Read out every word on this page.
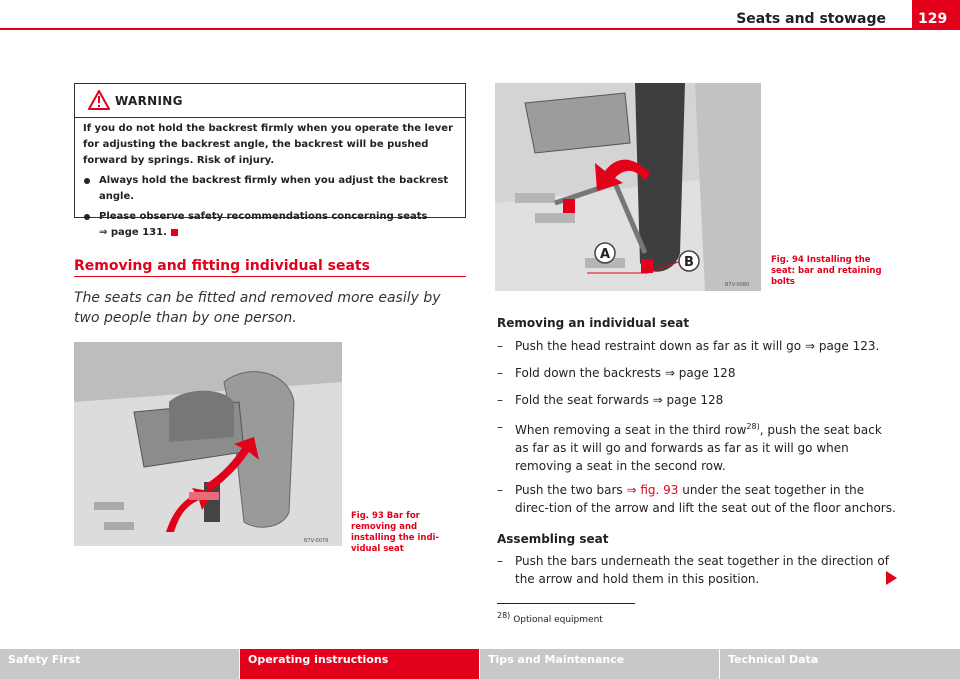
Seats and stowage 129
WARNING

If you do not hold the backrest firmly when you operate the lever for adjusting the backrest angle, the backrest will be pushed forward by springs. Risk of injury.

Always hold the backrest firmly when you adjust the backrest angle.
Please observe safety recommendations concerning seats
⇒ page 131.
Removing and fitting individual seats
The seats can be fitted and removed more easily by two people than by one person.
B7V-0079
Fig. 93 Bar for removing and installing the indi-vidual seat
A
B
B7V-0080
Fig. 94 Installing the seat: bar and retaining bolts
Removing an individual seat
–	Push the head restraint down as far as it will go ⇒ page 123.
–	Fold down the backrests ⇒ page 128
–	Fold the seat forwards ⇒ page 128
–	When removing a seat in the third row$^{28)}$, push the seat back as far as it will go and forwards as far as it will go when removing a seat in the second row.
–	Push the two bars ⇒ fig. 93 under the seat together in the direc-tion of the arrow and lift the seat out of the floor anchors.
Assembling seat
–	Push the bars underneath the seat together in the direction of the arrow and hold them in this position.
$^{28)}$ Optional equipment
Safety First	Operating instructions	Tips and Maintenance	Technical Data
